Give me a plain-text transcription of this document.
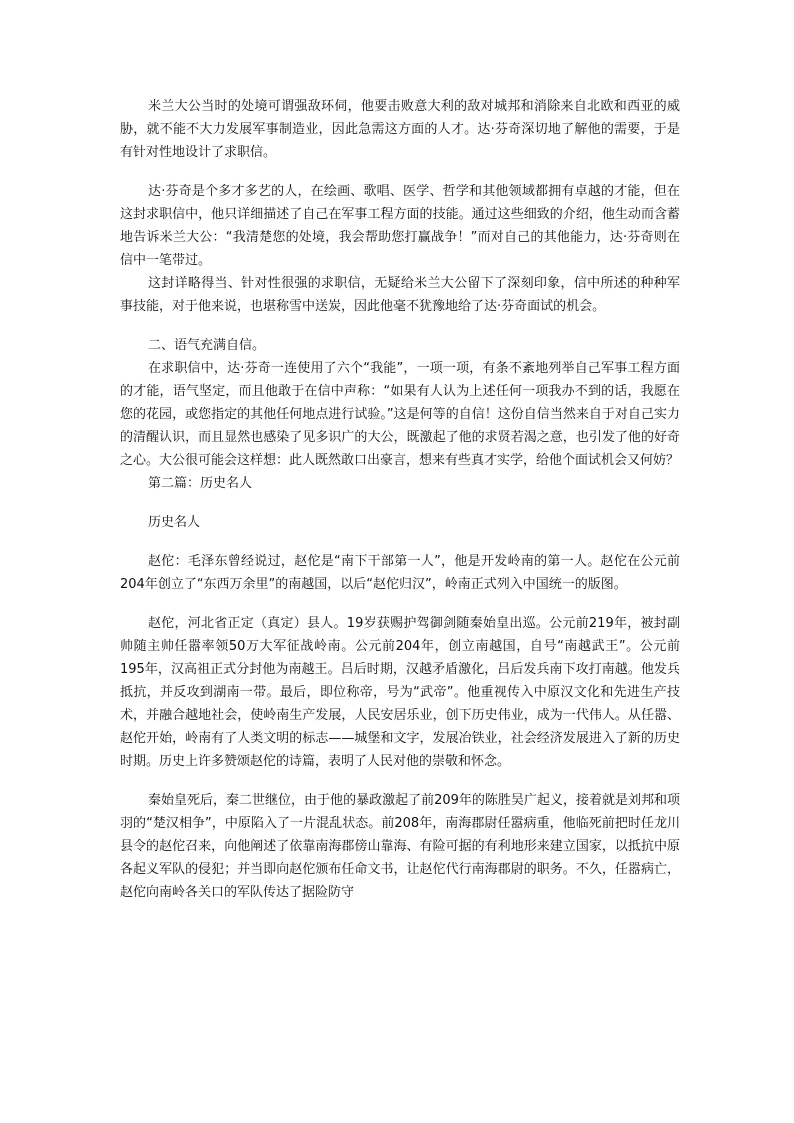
米兰大公当时的处境可谓强敌环伺，他要击败意大利的敌对城邦和消除来自北欧和西亚的威胁，就不能不大力发展军事制造业，因此急需这方面的人才。达·芬奇深切地了解他的需要，于是有针对性地设计了求职信。

达·芬奇是个多才多艺的人，在绘画、歌唱、医学、哲学和其他领域都拥有卓越的才能，但在这封求职信中，他只详细描述了自己在军事工程方面的技能。通过这些细致的介绍，他生动而含蓄地告诉米兰大公：“我清楚您的处境，我会帮助您打赢战争！”而对自己的其他能力，达·芬奇则在信中一笔带过。

这封详略得当、针对性很强的求职信，无疑给米兰大公留下了深刻印象，信中所述的种种军事技能，对于他来说，也堪称雪中送炭，因此他毫不犹豫地给了达·芬奇面试的机会。

二、语气充满自信。

在求职信中，达·芬奇一连使用了六个“我能”，一项一项，有条不紊地列举自己军事工程方面的才能，语气坚定，而且他敢于在信中声称：“如果有人认为上述任何一项我办不到的话，我愿在您的花园，或您指定的其他任何地点进行试验。”这是何等的自信！这份自信当然来自于对自己实力的清醒认识，而且显然也感染了见多识广的大公，既激起了他的求贤若渴之意，也引发了他的好奇之心。大公很可能会这样想：此人既然敢口出豪言，想来有些真才实学，给他个面试机会又何妨？

第二篇：历史名人

历史名人

赵佗：毛泽东曾经说过，赵佗是“南下干部第一人”，他是开发岭南的第一人。赵佗在公元前204年创立了“东西万余里”的南越国，以后“赵佗归汉”，岭南正式列入中国统一的版图。

赵佗，河北省正定（真定）县人。19岁获赐护驾御剑随秦始皇出巡。公元前219年，被封副帅随主帅任嚣率领50万大军征战岭南。公元前204年，创立南越国，自号“南越武王”。公元前195年，汉高祖正式分封他为南越王。吕后时期，汉越矛盾激化，吕后发兵南下攻打南越。他发兵抵抗，并反攻到湖南一带。最后，即位称帝，号为“武帝”。他重视传入中原汉文化和先进生产技术，并融合越地社会，使岭南生产发展，人民安居乐业，创下历史伟业，成为一代伟人。从任嚣、赵佗开始，岭南有了人类文明的标志——城堡和文字，发展冶铁业，社会经济发展进入了新的历史时期。历史上许多赞颂赵佗的诗篇，表明了人民对他的崇敬和怀念。

秦始皇死后，秦二世继位，由于他的暴政激起了前209年的陈胜吴广起义，接着就是刘邦和项羽的“楚汉相争”，中原陷入了一片混乱状态。前208年，南海郡尉任嚣病重，他临死前把时任龙川县令的赵佗召来，向他阐述了依靠南海郡傍山靠海、有险可据的有利地形来建立国家，以抵抗中原各起义军队的侵犯；并当即向赵佗颁布任命文书，让赵佗代行南海郡尉的职务。不久，任嚣病亡，赵佗向南岭各关口的军队传达了据险防守
